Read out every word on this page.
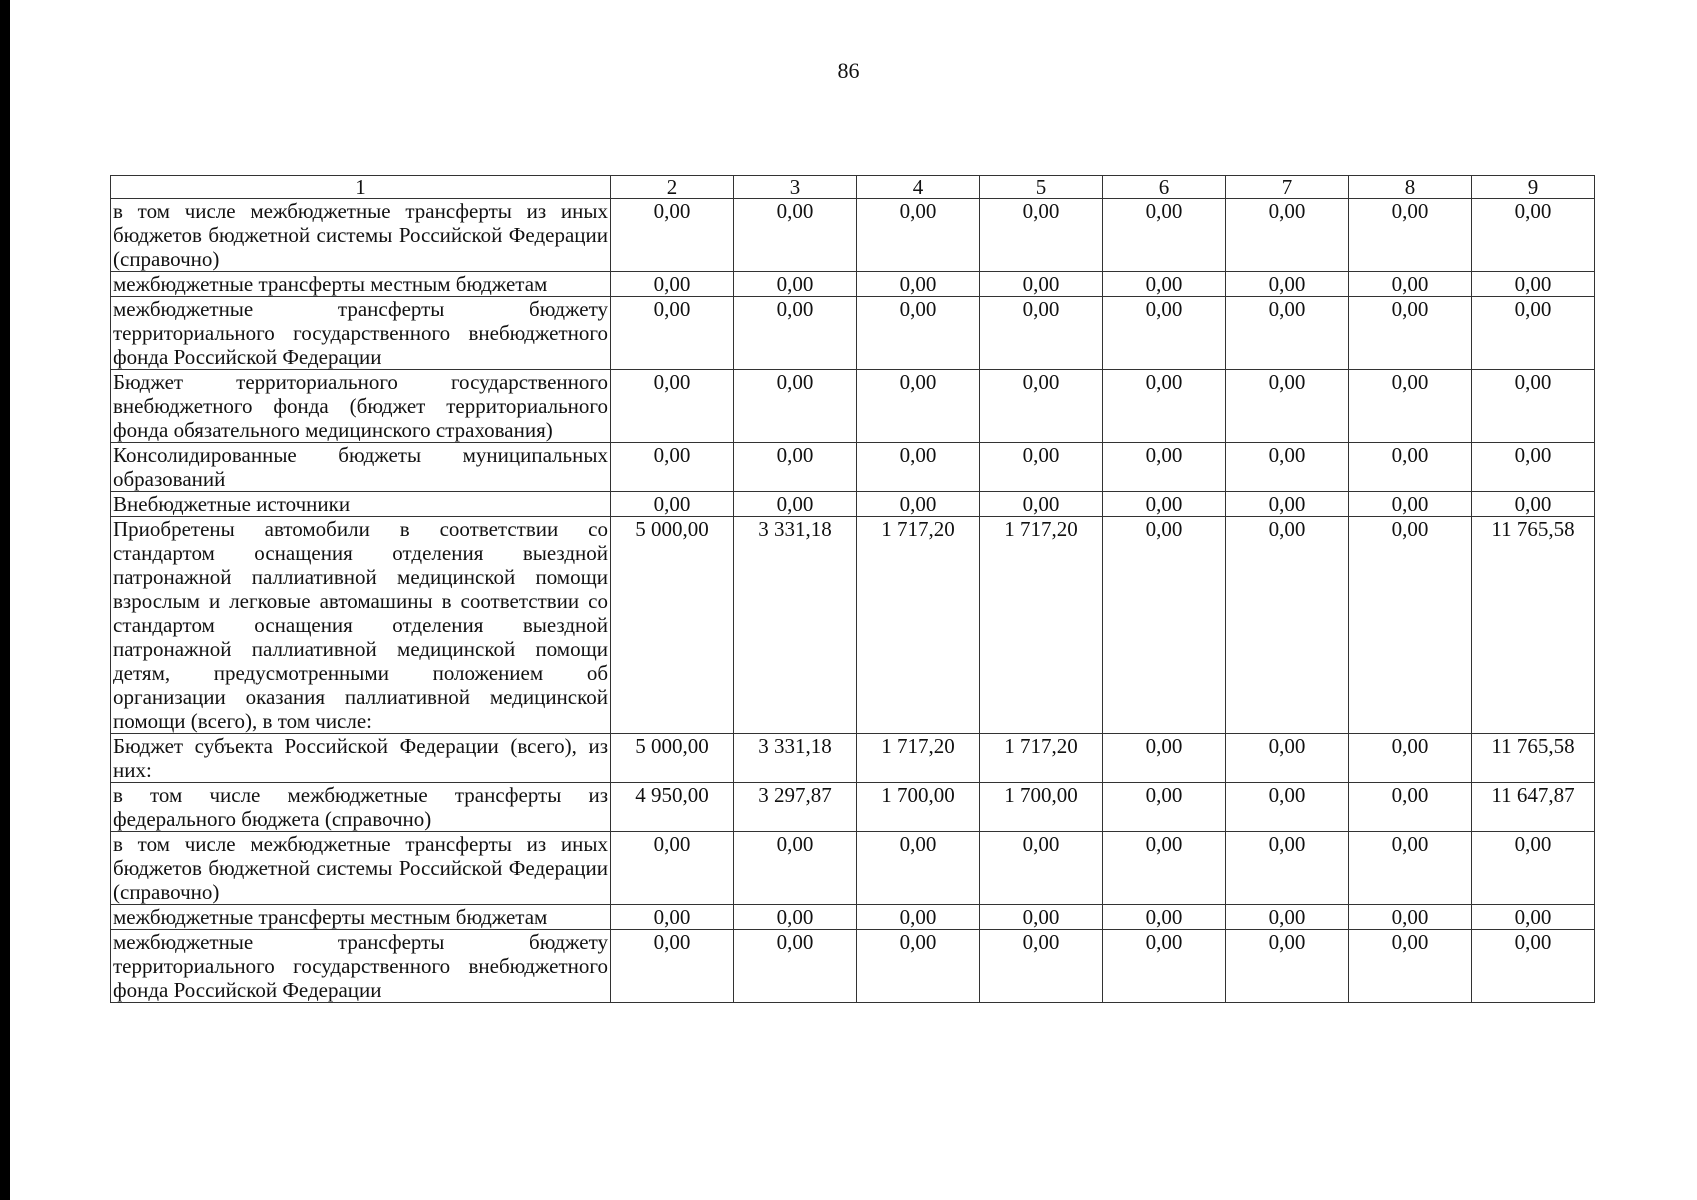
86
1	2	3	4	5	6	7	8	9
в том числе межбюджетные трансферты из иных бюджетов бюджетной системы Российской Федерации (справочно)	0,00	0,00	0,00	0,00	0,00	0,00	0,00	0,00
межбюджетные трансферты местным бюджетам	0,00	0,00	0,00	0,00	0,00	0,00	0,00	0,00
межбюджетные трансферты бюджету территориального государственного внебюджетного фонда Российской Федерации	0,00	0,00	0,00	0,00	0,00	0,00	0,00	0,00
Бюджет территориального государственного внебюджетного фонда (бюджет территориального фонда обязательного медицинского страхования)	0,00	0,00	0,00	0,00	0,00	0,00	0,00	0,00
Консолидированные бюджеты муниципальных образований	0,00	0,00	0,00	0,00	0,00	0,00	0,00	0,00
Внебюджетные источники	0,00	0,00	0,00	0,00	0,00	0,00	0,00	0,00
Приобретены автомобили в соответствии со стандартом оснащения отделения выездной патронажной паллиативной медицинской помощи взрослым и легковые автомашины в соответствии со стандартом оснащения отделения выездной патронажной паллиативной медицинской помощи детям, предусмотренными положением об организации оказания паллиативной медицинской помощи (всего), в том числе:	5 000,00	3 331,18	1 717,20	1 717,20	0,00	0,00	0,00	11 765,58
Бюджет субъекта Российской Федерации (всего), из них:	5 000,00	3 331,18	1 717,20	1 717,20	0,00	0,00	0,00	11 765,58
в том числе межбюджетные трансферты из федерального бюджета (справочно)	4 950,00	3 297,87	1 700,00	1 700,00	0,00	0,00	0,00	11 647,87
в том числе межбюджетные трансферты из иных бюджетов бюджетной системы Российской Федерации (справочно)	0,00	0,00	0,00	0,00	0,00	0,00	0,00	0,00
межбюджетные трансферты местным бюджетам	0,00	0,00	0,00	0,00	0,00	0,00	0,00	0,00
межбюджетные трансферты бюджету территориального государственного внебюджетного фонда Российской Федерации	0,00	0,00	0,00	0,00	0,00	0,00	0,00	0,00
